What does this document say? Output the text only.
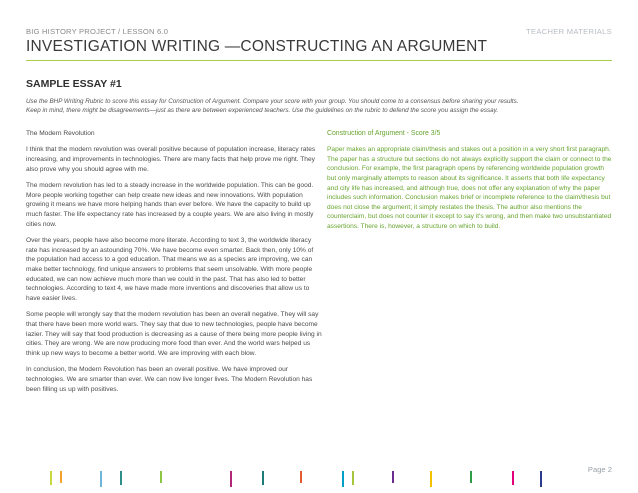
BIG HISTORY PROJECT / LESSON 6.0	TEACHER MATERIALS
INVESTIGATION WRITING —CONSTRUCTING AN ARGUMENT
SAMPLE ESSAY #1
Use the BHP Writing Rubric to score this essay for Construction of Argument. Compare your score with your group. You should come to a consensus before sharing your results.
Keep in mind, there might be disagreements—just as there are between experienced teachers. Use the guidelines on the rubric to defend the score you assign the essay.

The Modern Revolution

I think that the modern revolution was overall positive because of population increase, literacy rates increasing, and improvements in technologies. There are many facts that help prove me right. They also prove why you should agree with me.

The modern revolution has led to a steady increase in the worldwide population. This can be good. More people working together can help create new ideas and new innovations. With population growing it means we have more helping hands than ever before. We have the capacity to build up much faster. The life expectancy rate has increased by a couple years. We are also living in mostly cities now.

Over the years, people have also become more literate. According to text 3, the worldwide literacy rate has increased by an astounding 70%. We have become even smarter. Back then, only 10% of the population had access to a god education. That means we as a species are improving, we can make better technology, find unique answers to problems that seem unsolvable. With more people educated, we can now achieve much more than we could in the past. That has also led to better technologies. According to text 4, we have made more inventions and discoveries that allow us to have easier lives.

Some people will wrongly say that the modern revolution has been an overall negative. They will say that there have been more world wars. They say that due to new technologies, people have become lazier. They will say that food production is decreasing as a cause of there being more people living in cities. They are wrong. We are now producing more food than ever. And the world wars helped us think up new ways to become a better world. We are improving with each blow.

In conclusion, the Modern Revolution has been an overall positive. We have improved our technologies. We are smarter than ever. We can now live longer lives. The Modern Revolution has been filling us up with positives.

Construction of Argument - Score 3/5

Paper makes an appropriate claim/thesis and stakes out a position in a very short first paragraph. The paper has a structure but sections do not always explicitly support the claim or connect to the conclusion. For example, the first paragraph opens by referencing worldwide population growth but only marginally attempts to reason about its significance. It asserts that both life expectancy and city life has increased, and although true, does not offer any explanation of why the paper includes such information. Conclusion makes brief or incomplete reference to the claim/thesis but does not close the argument; it simply restates the thesis. The author also mentions the counterclaim, but does not counter it except to say it's wrong, and then make two unsubstantiated assertions. There is, however, a structure on which to build.

Page 2
